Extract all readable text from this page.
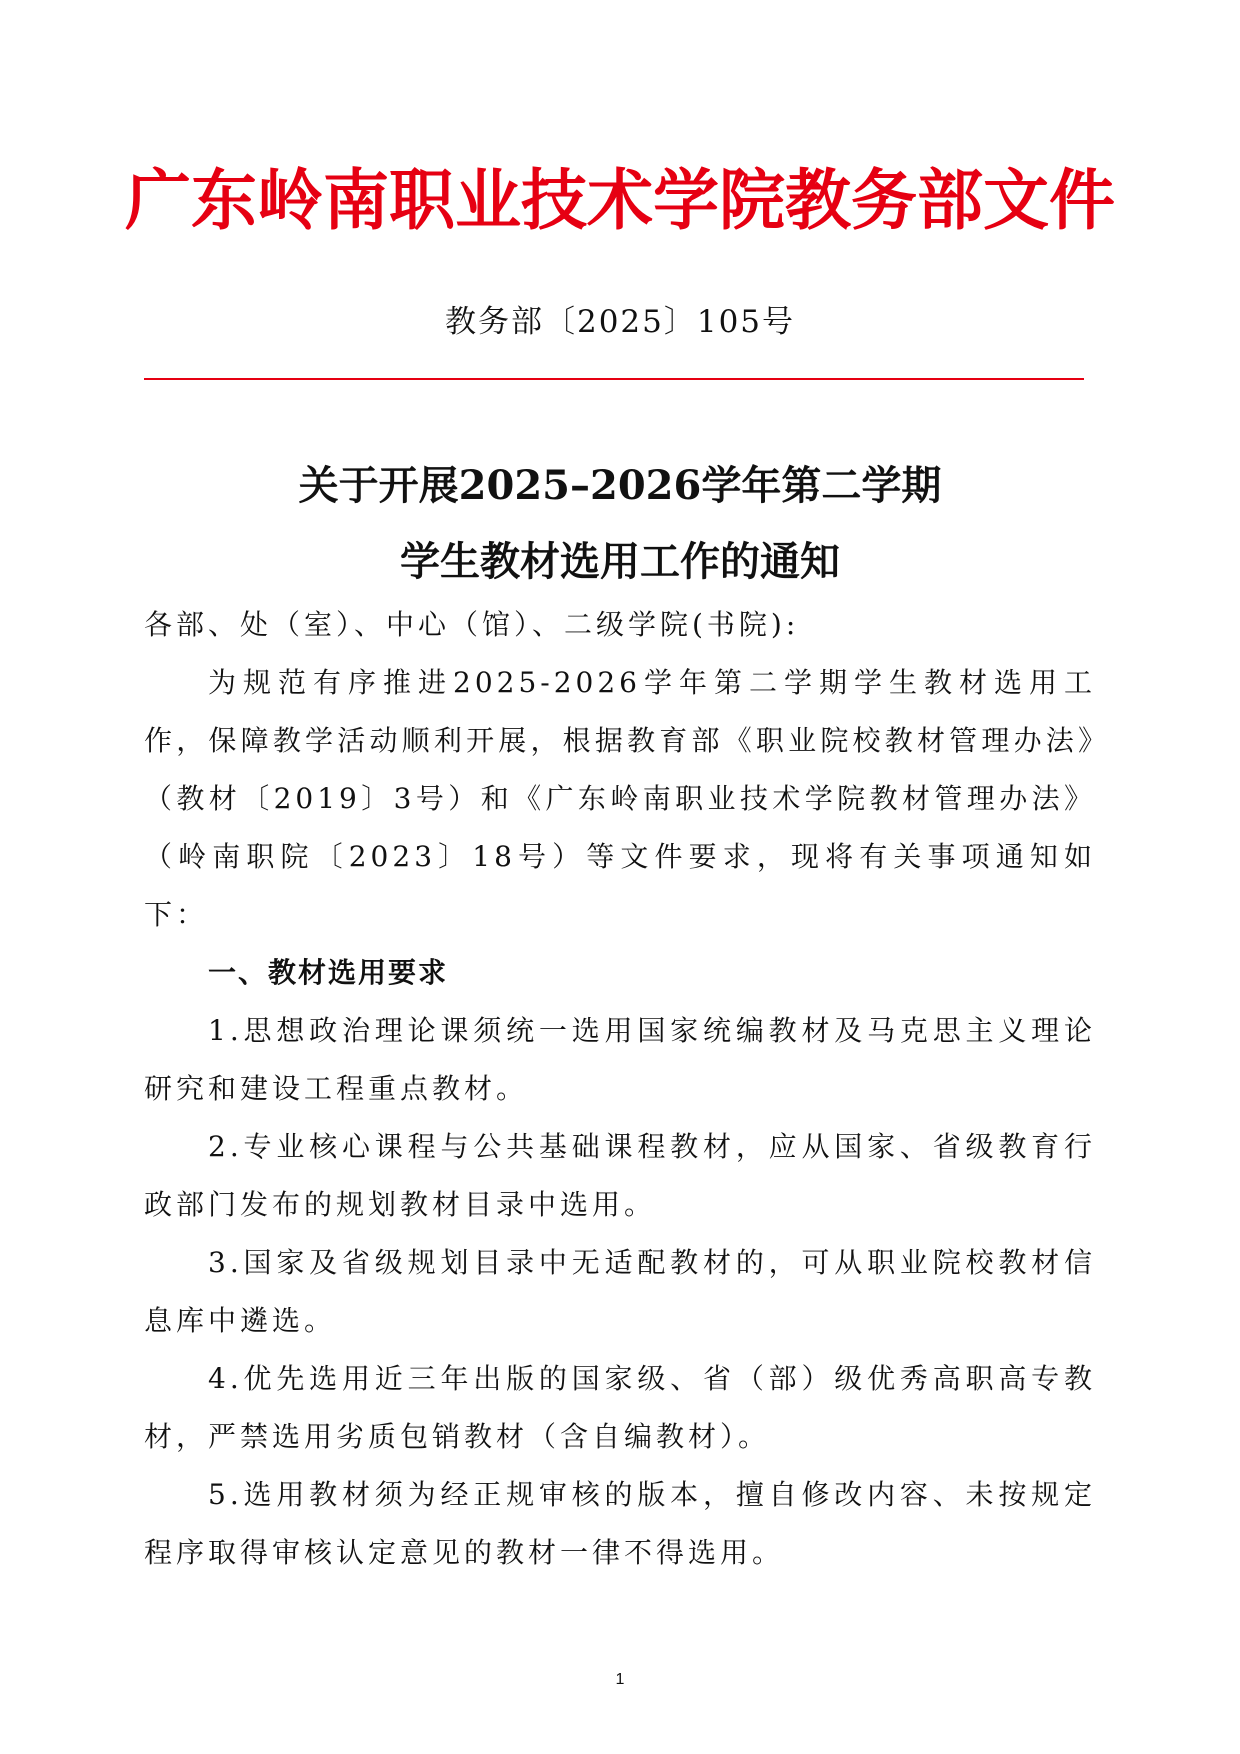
广东岭南职业技术学院教务部文件
教务部〔2025〕105号
关于开展2025–2026学年第二学期
学生教材选用工作的通知

各部、处（室）、中心（馆）、二级学院(书院):

为规范有序推进2025-2026学年第二学期学生教材选用工作，保障教学活动顺利开展，根据教育部《职业院校教材管理办法》（教材〔2019〕3号）和《广东岭南职业技术学院教材管理办法》（岭南职院〔2023〕18号）等文件要求，现将有关事项通知如下：

一、教材选用要求

1.思想政治理论课须统一选用国家统编教材及马克思主义理论研究和建设工程重点教材。

2.专业核心课程与公共基础课程教材，应从国家、省级教育行政部门发布的规划教材目录中选用。

3.国家及省级规划目录中无适配教材的，可从职业院校教材信息库中遴选。

4.优先选用近三年出版的国家级、省（部）级优秀高职高专教材，严禁选用劣质包销教材（含自编教材）。

5.选用教材须为经正规审核的版本，擅自修改内容、未按规定程序取得审核认定意见的教材一律不得选用。

1
